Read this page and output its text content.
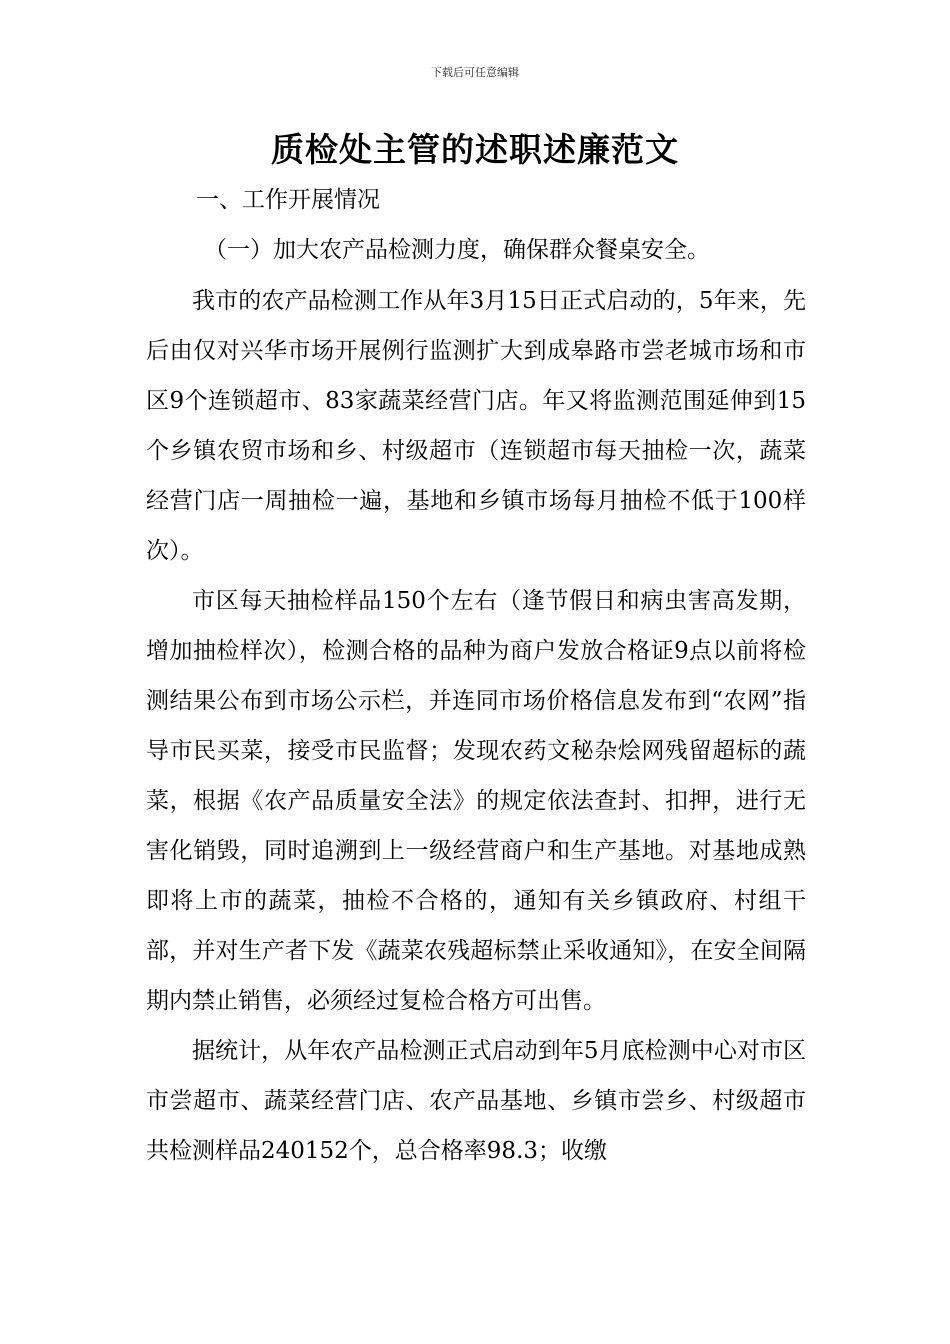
下载后可任意编辑
质检处主管的述职述廉范文
一、工作开展情况
（一）加大农产品检测力度，确保群众餐桌安全。

我市的农产品检测工作从年3月15日正式启动的，5年来，先后由仅对兴华市场开展例行监测扩大到成皋路市尝老城市场和市区9个连锁超市、83家蔬菜经营门店。年又将监测范围延伸到15个乡镇农贸市场和乡、村级超市（连锁超市每天抽检一次，蔬菜经营门店一周抽检一遍，基地和乡镇市场每月抽检不低于100样次）。

市区每天抽检样品150个左右（逢节假日和病虫害高发期，增加抽检样次），检测合格的品种为商户发放合格证9点以前将检测结果公布到市场公示栏，并连同市场价格信息发布到“农网”指导市民买菜，接受市民监督；发现农药文秘杂烩网残留超标的蔬菜，根据《农产品质量安全法》的规定依法查封、扣押，进行无害化销毁，同时追溯到上一级经营商户和生产基地。对基地成熟即将上市的蔬菜，抽检不合格的，通知有关乡镇政府、村组干部，并对生产者下发《蔬菜农残超标禁止采收通知》，在安全间隔期内禁止销售，必须经过复检合格方可出售。

据统计，从年农产品检测正式启动到年5月底检测中心对市区市尝超市、蔬菜经营门店、农产品基地、乡镇市尝乡、村级超市共检测样品240152个，总合格率98.3；收缴
